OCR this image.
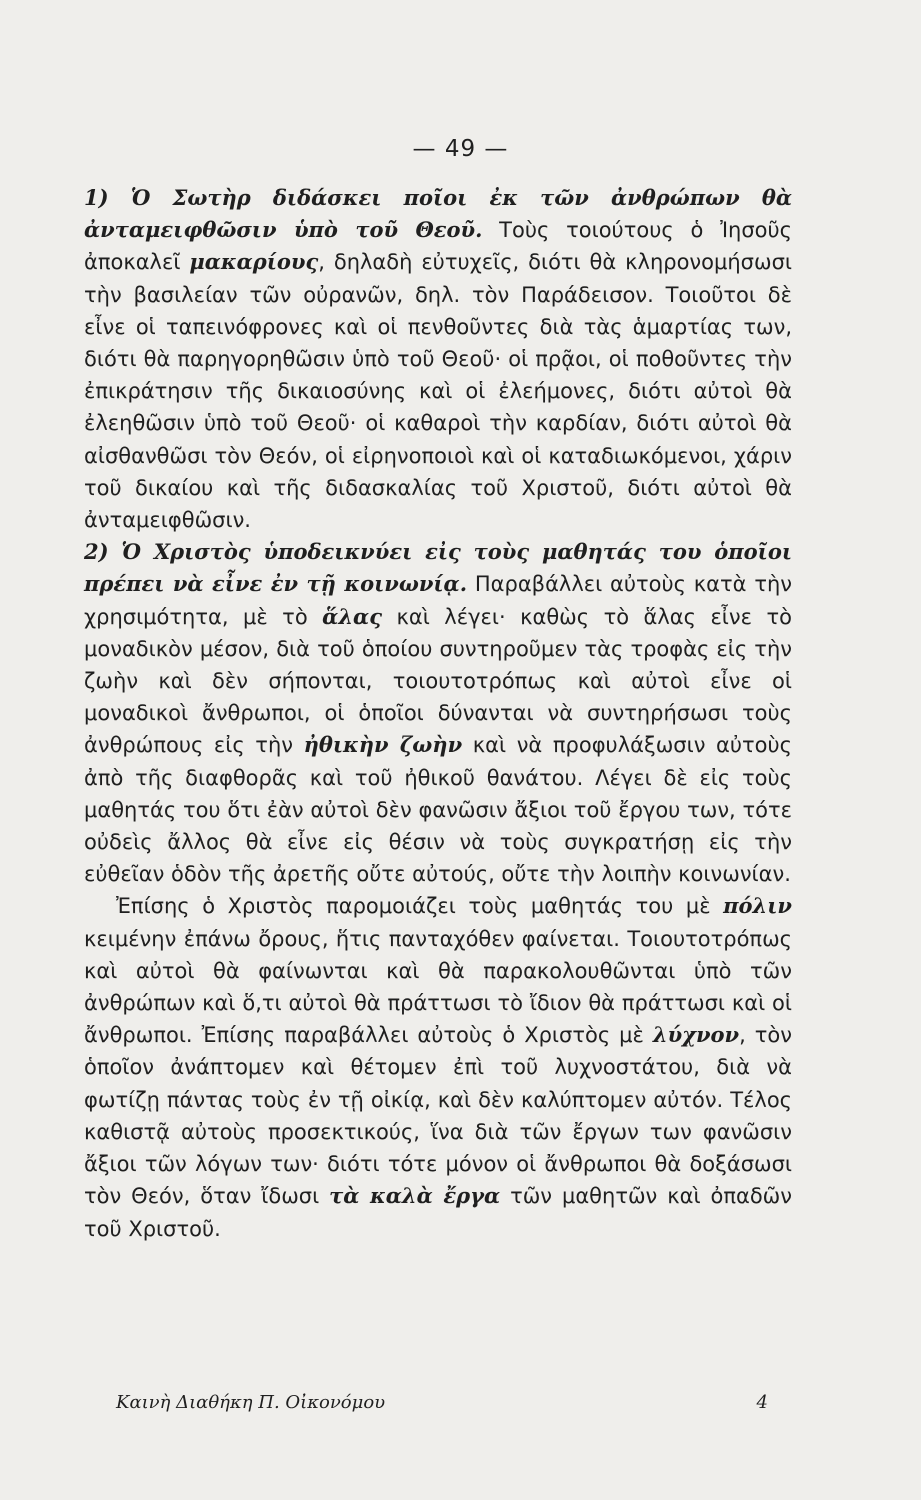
— 49 —

1) Ὁ Σωτὴρ διδάσκει ποῖοι ἐκ τῶν ἀνθρώπων θὰ ἀνταμειφθῶσιν ὑπὸ τοῦ Θεοῦ. Τοὺς τοιούτους ὁ Ἰησοῦς ἀποκαλεῖ μακαρίους, δηλαδὴ εὐτυχεῖς, διότι θὰ κληρονομήσωσι τὴν βασιλείαν τῶν οὐρανῶν, δηλ. τὸν Παράδεισον. Τοιοῦτοι δὲ εἶνε οἱ ταπεινόφρονες καὶ οἱ πενθοῦντες διὰ τὰς ἁμαρτίας των, διότι θὰ παρηγορηθῶσιν ὑπὸ τοῦ Θεοῦ· οἱ πρᾷοι, οἱ ποθοῦντες τὴν ἐπικράτησιν τῆς δικαιοσύνης καὶ οἱ ἐλεήμονες, διότι αὐτοὶ θὰ ἐλεηθῶσιν ὑπὸ τοῦ Θεοῦ· οἱ καθαροὶ τὴν καρδίαν, διότι αὐτοὶ θὰ αἰσθανθῶσι τὸν Θεόν, οἱ εἰρηνοποιοὶ καὶ οἱ καταδιωκόμενοι, χάριν τοῦ δικαίου καὶ τῆς διδασκαλίας τοῦ Χριστοῦ, διότι αὐτοὶ θὰ ἀνταμειφθῶσιν.

2) Ὁ Χριστὸς ὑποδεικνύει εἰς τοὺς μαθητάς του ὁποῖοι πρέπει νὰ εἶνε ἐν τῇ κοινωνίᾳ. Παραβάλλει αὐτοὺς κατὰ τὴν χρησιμότητα, μὲ τὸ ἅλας καὶ λέγει· καθὼς τὸ ἅλας εἶνε τὸ μοναδικὸν μέσον, διὰ τοῦ ὁποίου συντηροῦμεν τὰς τροφὰς εἰς τὴν ζωὴν καὶ δὲν σήπονται, τοιουτοτρόπως καὶ αὐτοὶ εἶνε οἱ μοναδικοὶ ἄνθρωποι, οἱ ὁποῖοι δύνανται νὰ συντηρήσωσι τοὺς ἀνθρώπους εἰς τὴν ἠθικὴν ζωὴν καὶ νὰ προφυλάξωσιν αὐτοὺς ἀπὸ τῆς διαφθορᾶς καὶ τοῦ ἠθικοῦ θανάτου. Λέγει δὲ εἰς τοὺς μαθητάς του ὅτι ἐὰν αὐτοὶ δὲν φανῶσιν ἄξιοι τοῦ ἔργου των, τότε οὐδεὶς ἄλλος θὰ εἶνε εἰς θέσιν νὰ τοὺς συγκρατήσῃ εἰς τὴν εὐθεῖαν ὁδὸν τῆς ἀρετῆς οὔτε αὐτούς, οὔτε τὴν λοιπὴν κοινωνίαν.

Ἐπίσης ὁ Χριστὸς παρομοιάζει τοὺς μαθητάς του μὲ πόλιν κειμένην ἐπάνω ὄρους, ἥτις πανταχόθεν φαίνεται. Τοιουτοτρόπως καὶ αὐτοὶ θὰ φαίνωνται καὶ θὰ παρακολουθῶνται ὑπὸ τῶν ἀνθρώπων καὶ ὅ,τι αὐτοὶ θὰ πράττωσι τὸ ἴδιον θὰ πράττωσι καὶ οἱ ἄνθρωποι. Ἐπίσης παραβάλλει αὐτοὺς ὁ Χριστὸς μὲ λύχνον, τὸν ὁποῖον ἀνάπτομεν καὶ θέτομεν ἐπὶ τοῦ λυχνοστάτου, διὰ νὰ φωτίζῃ πάντας τοὺς ἐν τῇ οἰκίᾳ, καὶ δὲν καλύπτομεν αὐτόν. Τέλος καθιστᾷ αὐτοὺς προσεκτικούς, ἵνα διὰ τῶν ἔργων των φανῶσιν ἄξιοι τῶν λόγων των· διότι τότε μόνον οἱ ἄνθρωποι θὰ δοξάσωσι τὸν Θεόν, ὅταν ἴδωσι τὰ καλὰ ἔργα τῶν μαθητῶν καὶ ὀπαδῶν τοῦ Χριστοῦ.

Καινὴ Διαθήκη Π. Οἰκονόμου	4
